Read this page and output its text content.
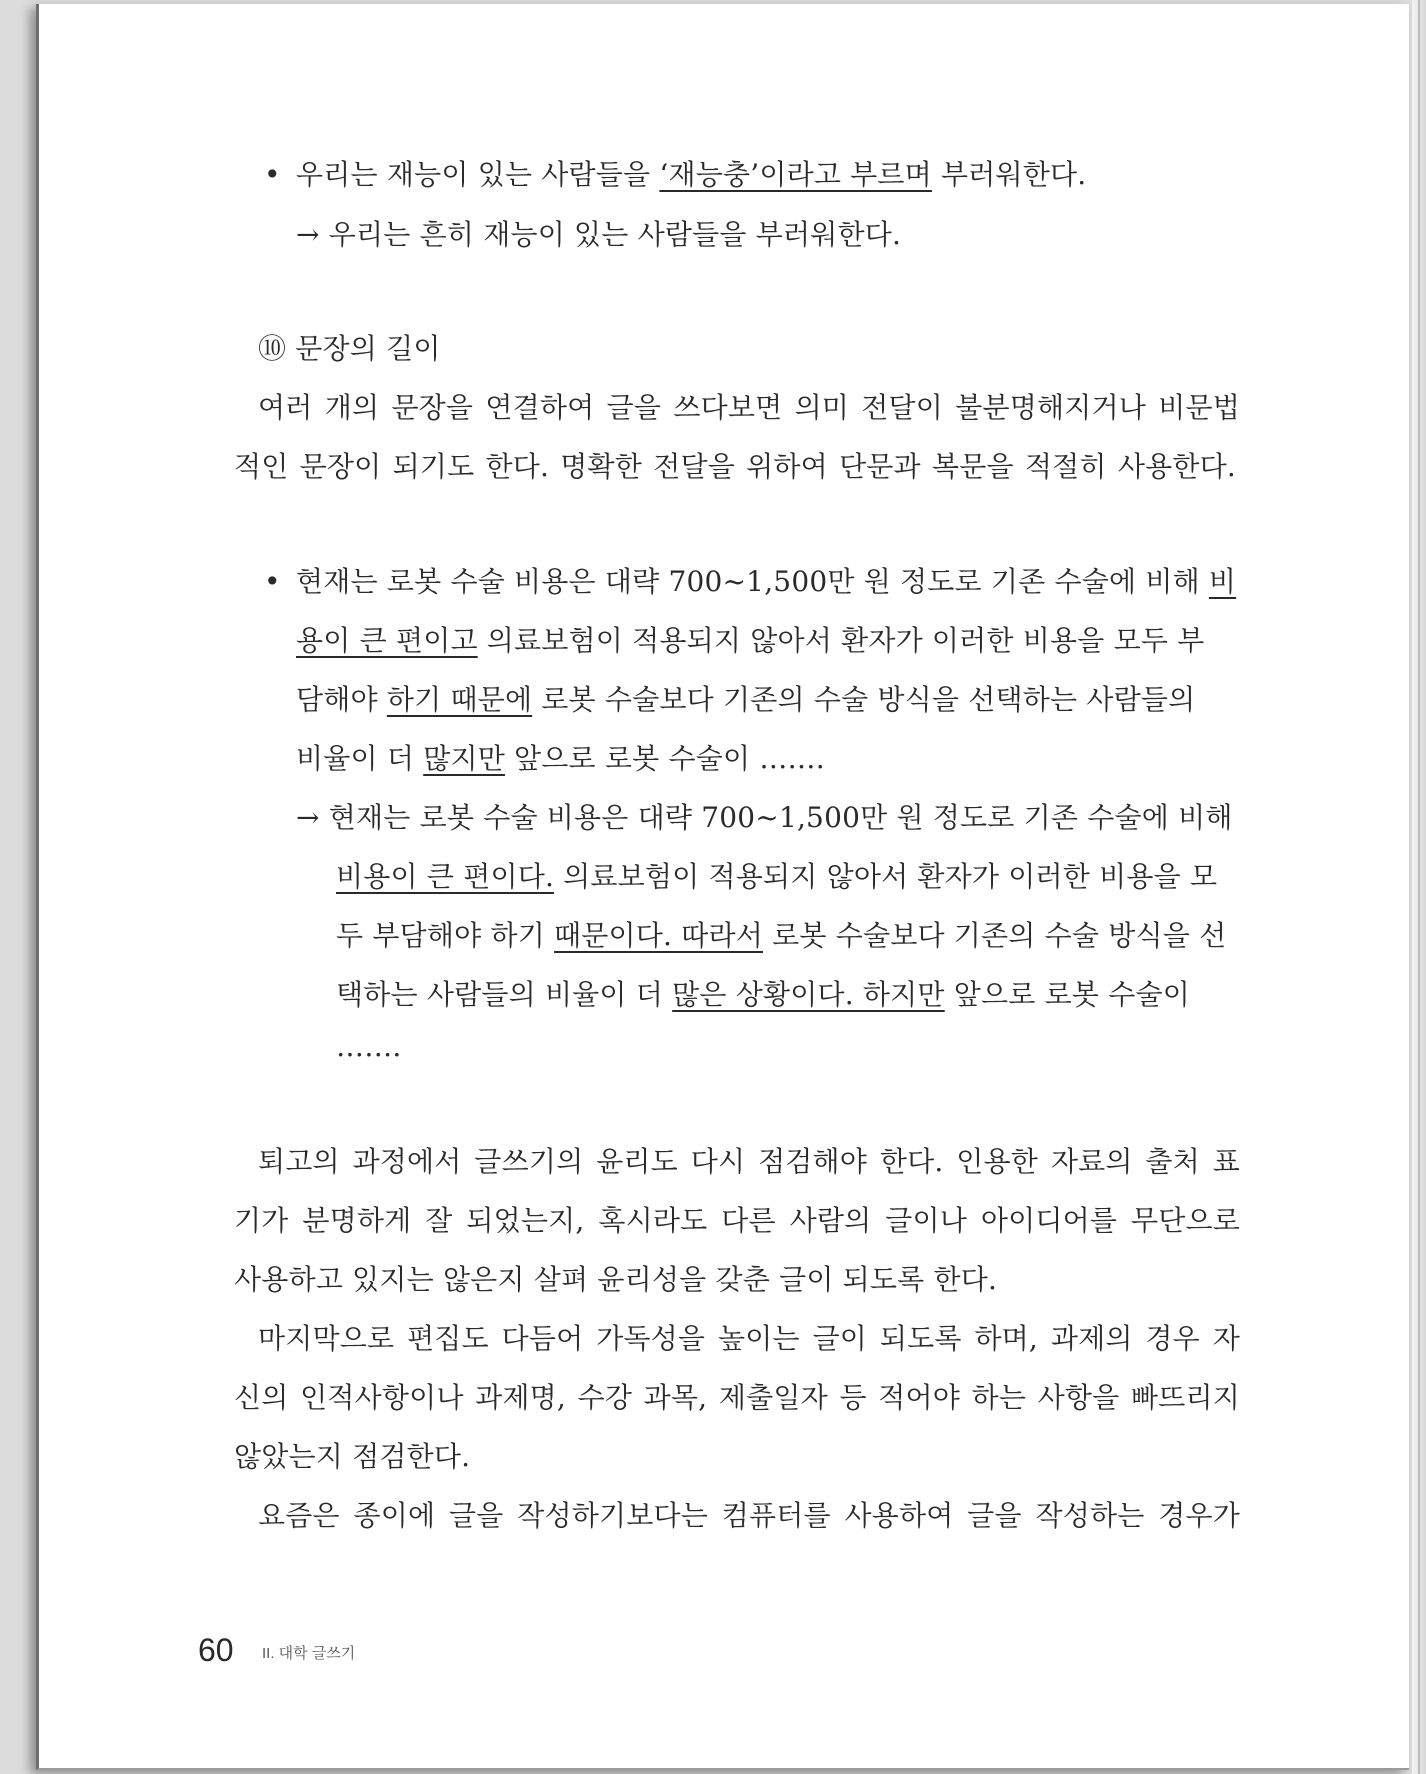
• 우리는 재능이 있는 사람들을 ‘재능충’이라고 부르며 부러워한다.
→ 우리는 흔히 재능이 있는 사람들을 부러워한다.
⑩ 문장의 길이
여러 개의 문장을 연결하여 글을 쓰다보면 의미 전달이 불분명해지거나 비문법
적인 문장이 되기도 한다. 명확한 전달을 위하여 단문과 복문을 적절히 사용한다.
• 현재는 로봇 수술 비용은 대략 700~1,500만 원 정도로 기존 수술에 비해 비
용이 큰 편이고 의료보험이 적용되지 않아서 환자가 이러한 비용을 모두 부
담해야 하기 때문에 로봇 수술보다 기존의 수술 방식을 선택하는 사람들의
비율이 더 많지만 앞으로 로봇 수술이 …….
→ 현재는 로봇 수술 비용은 대략 700~1,500만 원 정도로 기존 수술에 비해
비용이 큰 편이다. 의료보험이 적용되지 않아서 환자가 이러한 비용을 모
두 부담해야 하기 때문이다. 따라서 로봇 수술보다 기존의 수술 방식을 선
택하는 사람들의 비율이 더 많은 상황이다. 하지만 앞으로 로봇 수술이
…….
퇴고의 과정에서 글쓰기의 윤리도 다시 점검해야 한다. 인용한 자료의 출처 표
기가 분명하게 잘 되었는지, 혹시라도 다른 사람의 글이나 아이디어를 무단으로
사용하고 있지는 않은지 살펴 윤리성을 갖춘 글이 되도록 한다.
마지막으로 편집도 다듬어 가독성을 높이는 글이 되도록 하며, 과제의 경우 자
신의 인적사항이나 과제명, 수강 과목, 제출일자 등 적어야 하는 사항을 빠뜨리지
않았는지 점검한다.
요즘은 종이에 글을 작성하기보다는 컴퓨터를 사용하여 글을 작성하는 경우가
60 II. 대학 글쓰기
